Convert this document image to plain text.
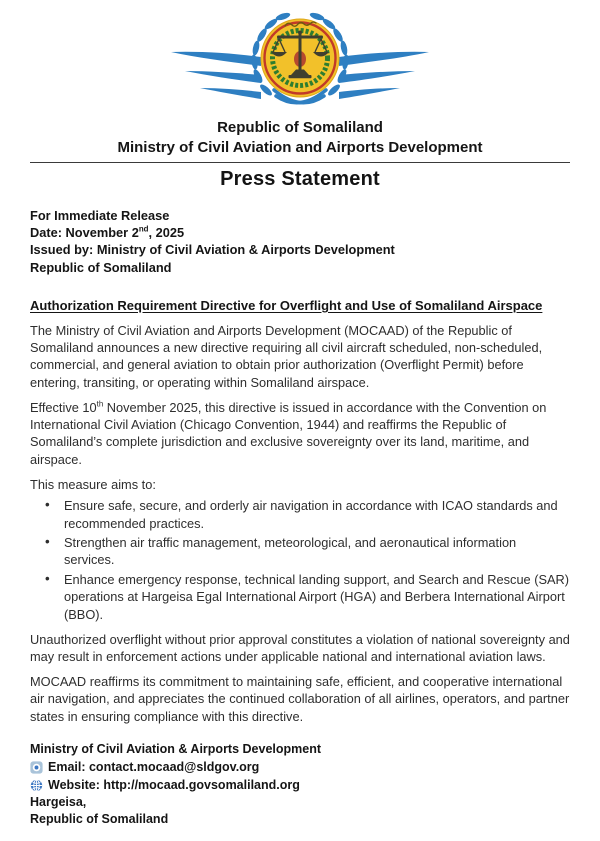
Republic of Somaliland
Ministry of Civil Aviation and Airports Development
Press Statement
For Immediate Release
Date: November 2nd, 2025
Issued by: Ministry of Civil Aviation & Airports Development
Republic of Somaliland
Authorization Requirement Directive for Overflight and Use of Somaliland Airspace

The Ministry of Civil Aviation and Airports Development (MOCAAD) of the Republic of Somaliland announces a new directive requiring all civil aircraft scheduled, non-scheduled, commercial, and general aviation to obtain prior authorization (Overflight Permit) before entering, transiting, or operating within Somaliland airspace.

Effective 10th November 2025, this directive is issued in accordance with the Convention on International Civil Aviation (Chicago Convention, 1944) and reaffirms the Republic of Somaliland’s complete jurisdiction and exclusive sovereignty over its land, maritime, and airspace.

This measure aims to:

• Ensure safe, secure, and orderly air navigation in accordance with ICAO standards and recommended practices.
• Strengthen air traffic management, meteorological, and aeronautical information services.
• Enhance emergency response, technical landing support, and Search and Rescue (SAR) operations at Hargeisa Egal International Airport (HGA) and Berbera International Airport (BBO).

Unauthorized overflight without prior approval constitutes a violation of national sovereignty and may result in enforcement actions under applicable national and international aviation laws.

MOCAAD reaffirms its commitment to maintaining safe, efficient, and cooperative international air navigation, and appreciates the continued collaboration of all airlines, operators, and partner states in ensuring compliance with this directive.

Ministry of Civil Aviation & Airports Development
Email: contact.mocaad@sldgov.org
Website: http://mocaad.govsomaliland.org
Hargeisa,
Republic of Somaliland
